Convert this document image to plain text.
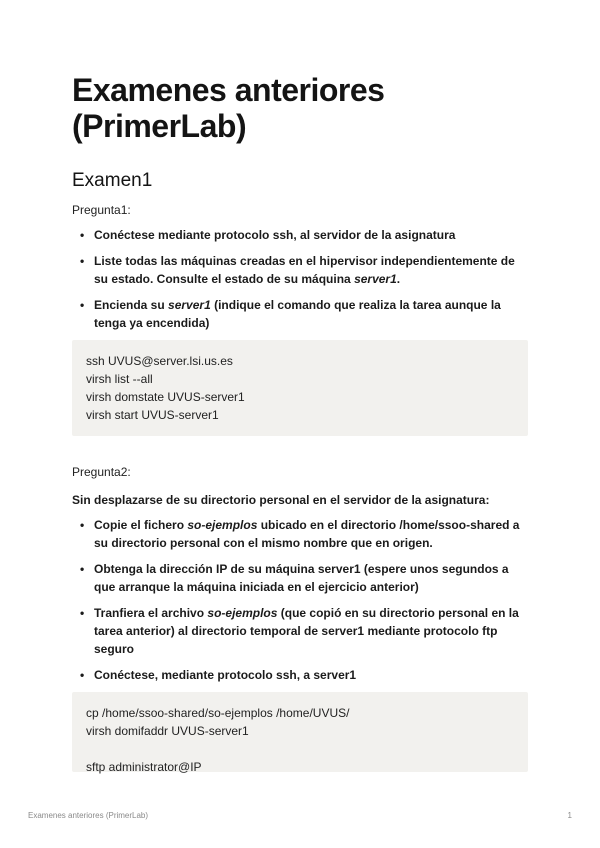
Examenes anteriores (PrimerLab)
Examen1
Pregunta1:
• Conéctese mediante protocolo ssh, al servidor de la asignatura
• Liste todas las máquinas creadas en el hipervisor independientemente de su estado. Consulte el estado de su máquina server1.
• Encienda su server1 (indique el comando que realiza la tarea aunque la tenga ya encendida)
ssh UVUS@server.lsi.us.es
virsh list --all
virsh domstate UVUS-server1
virsh start UVUS-server1
Pregunta2:
Sin desplazarse de su directorio personal en el servidor de la asignatura:
• Copie el fichero so-ejemplos ubicado en el directorio /home/ssoo-shared a su directorio personal con el mismo nombre que en origen.
• Obtenga la dirección IP de su máquina server1 (espere unos segundos a que arranque la máquina iniciada en el ejercicio anterior)
• Tranfiera el archivo so-ejemplos (que copió en su directorio personal en la tarea anterior) al directorio temporal de server1 mediante protocolo ftp seguro
• Conéctese, mediante protocolo ssh, a server1
cp /home/ssoo-shared/so-ejemplos /home/UVUS/
virsh domifaddr UVUS-server1
sftp administrator@IP
Examenes anteriores (PrimerLab)	1
